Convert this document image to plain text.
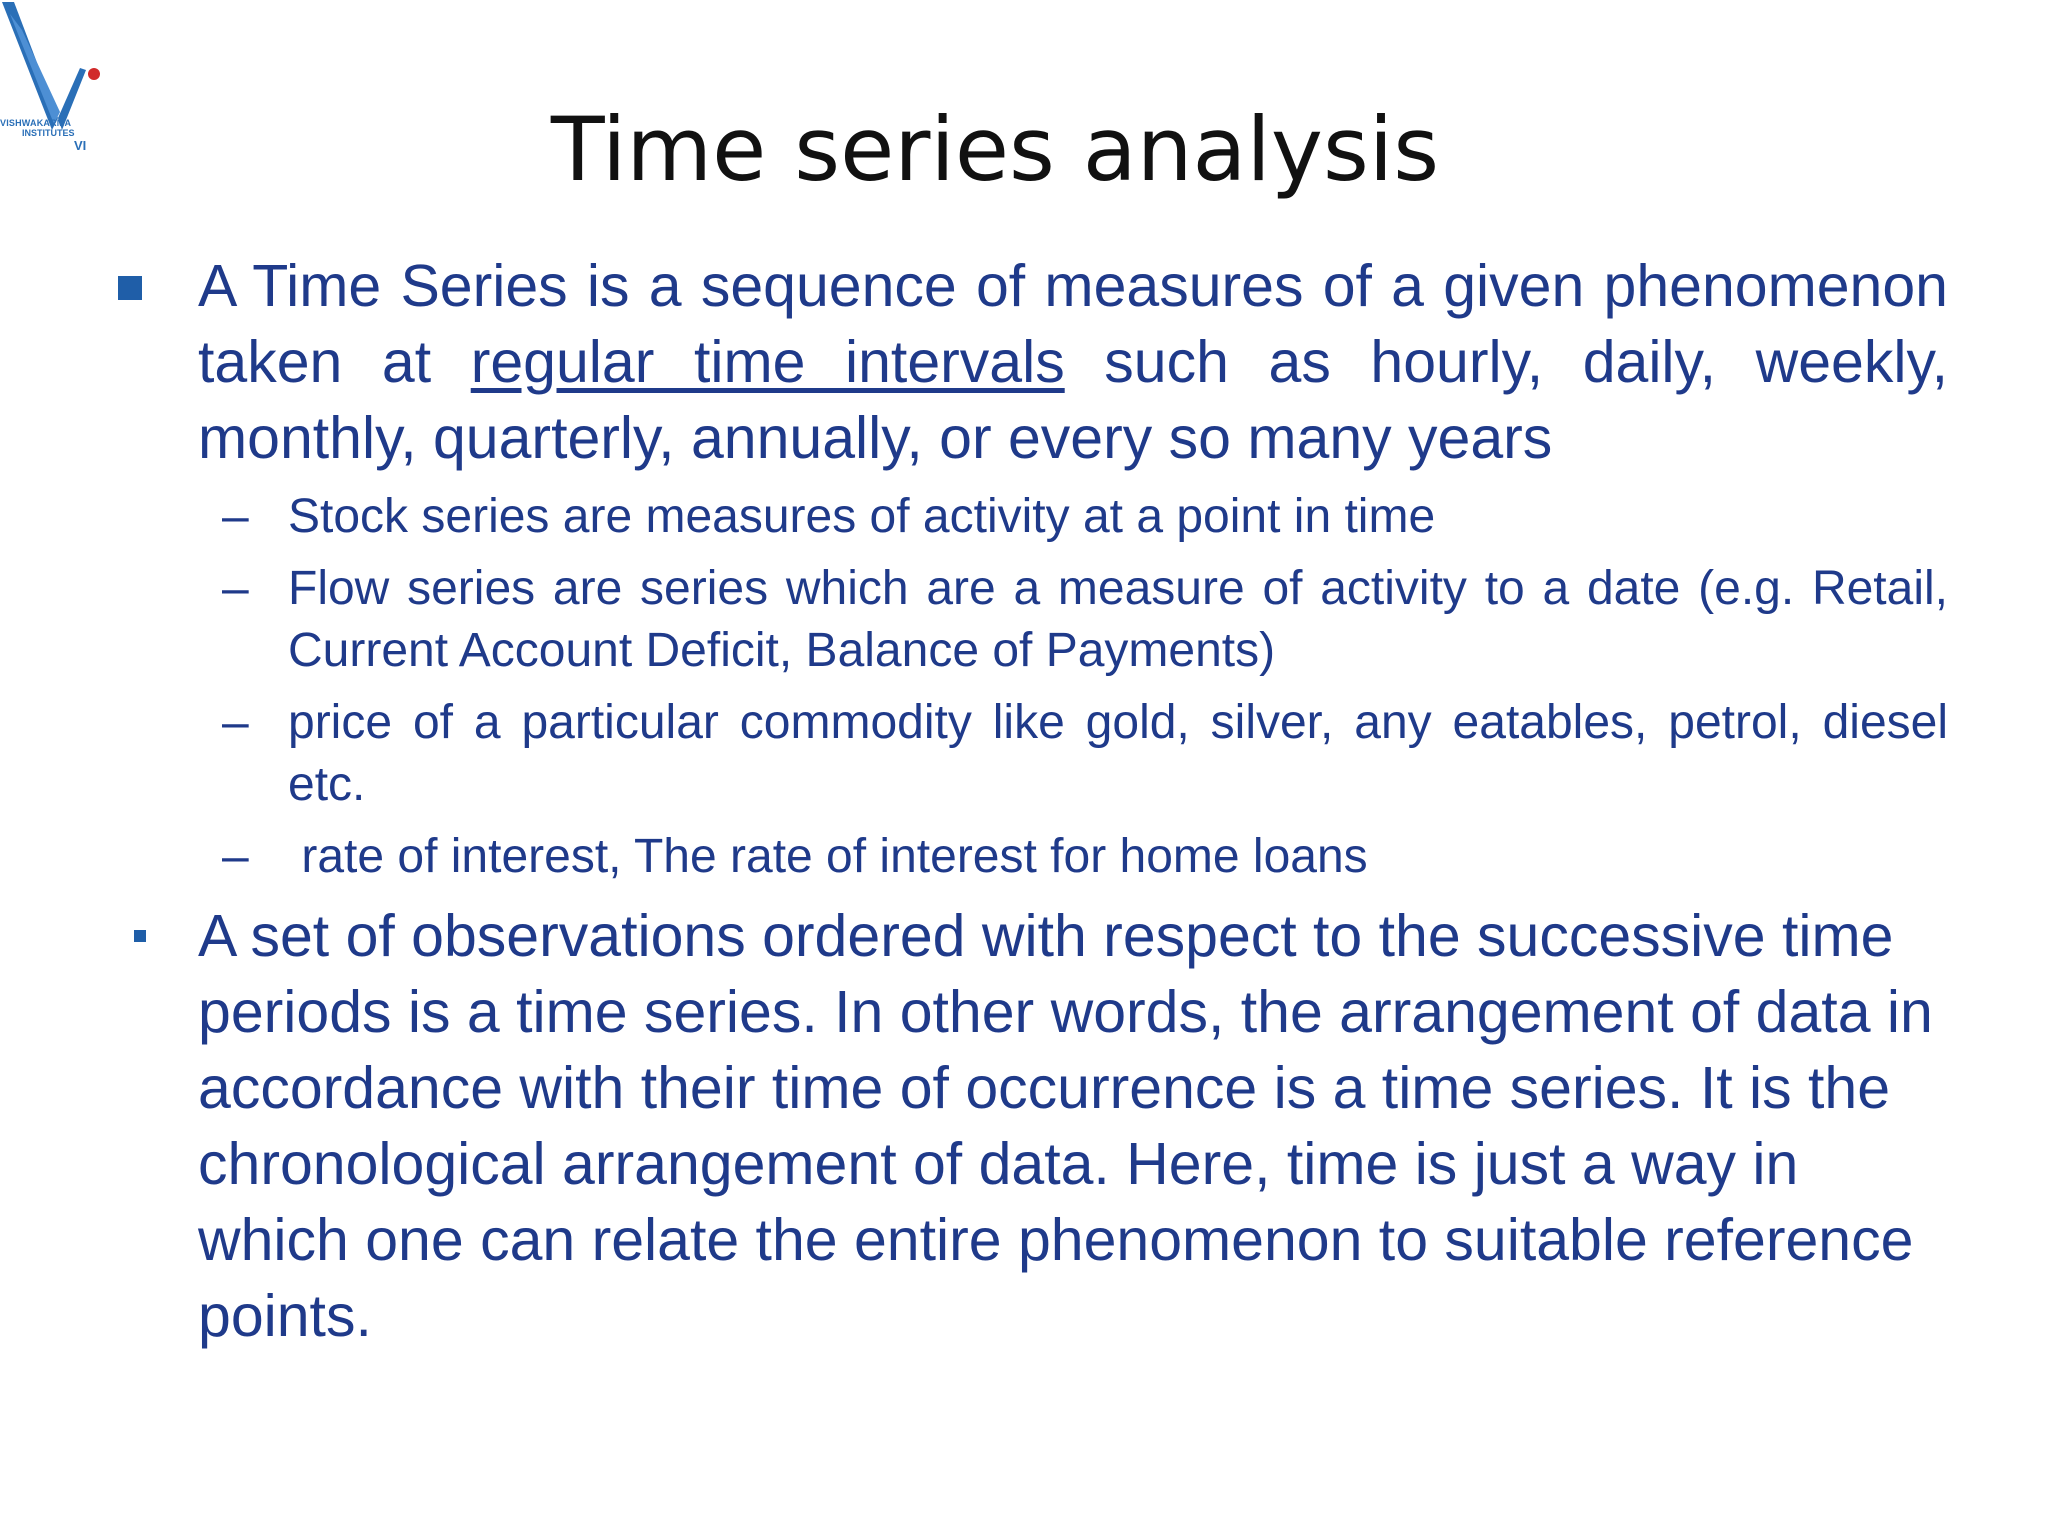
VISHWAKARMA
INSTITUTES
VI	Time series analysis
A Time Series is a sequence of measures of a given phenomenon taken at regular time intervals such as hourly, daily, weekly, monthly, quarterly, annually, or every so many years
– Stock series are measures of activity at a point in time
– Flow series are series which are a measure of activity to a date (e.g. Retail, Current Account Deficit, Balance of Payments)
– price of a particular commodity like gold, silver, any eatables, petrol, diesel etc.
– rate of interest, The rate of interest for home loans
A set of observations ordered with respect to the successive time periods is a time series. In other words, the arrangement of data in accordance with their time of occurrence is a time series. It is the chronological arrangement of data. Here, time is just a way in which one can relate the entire phenomenon to suitable reference points.
